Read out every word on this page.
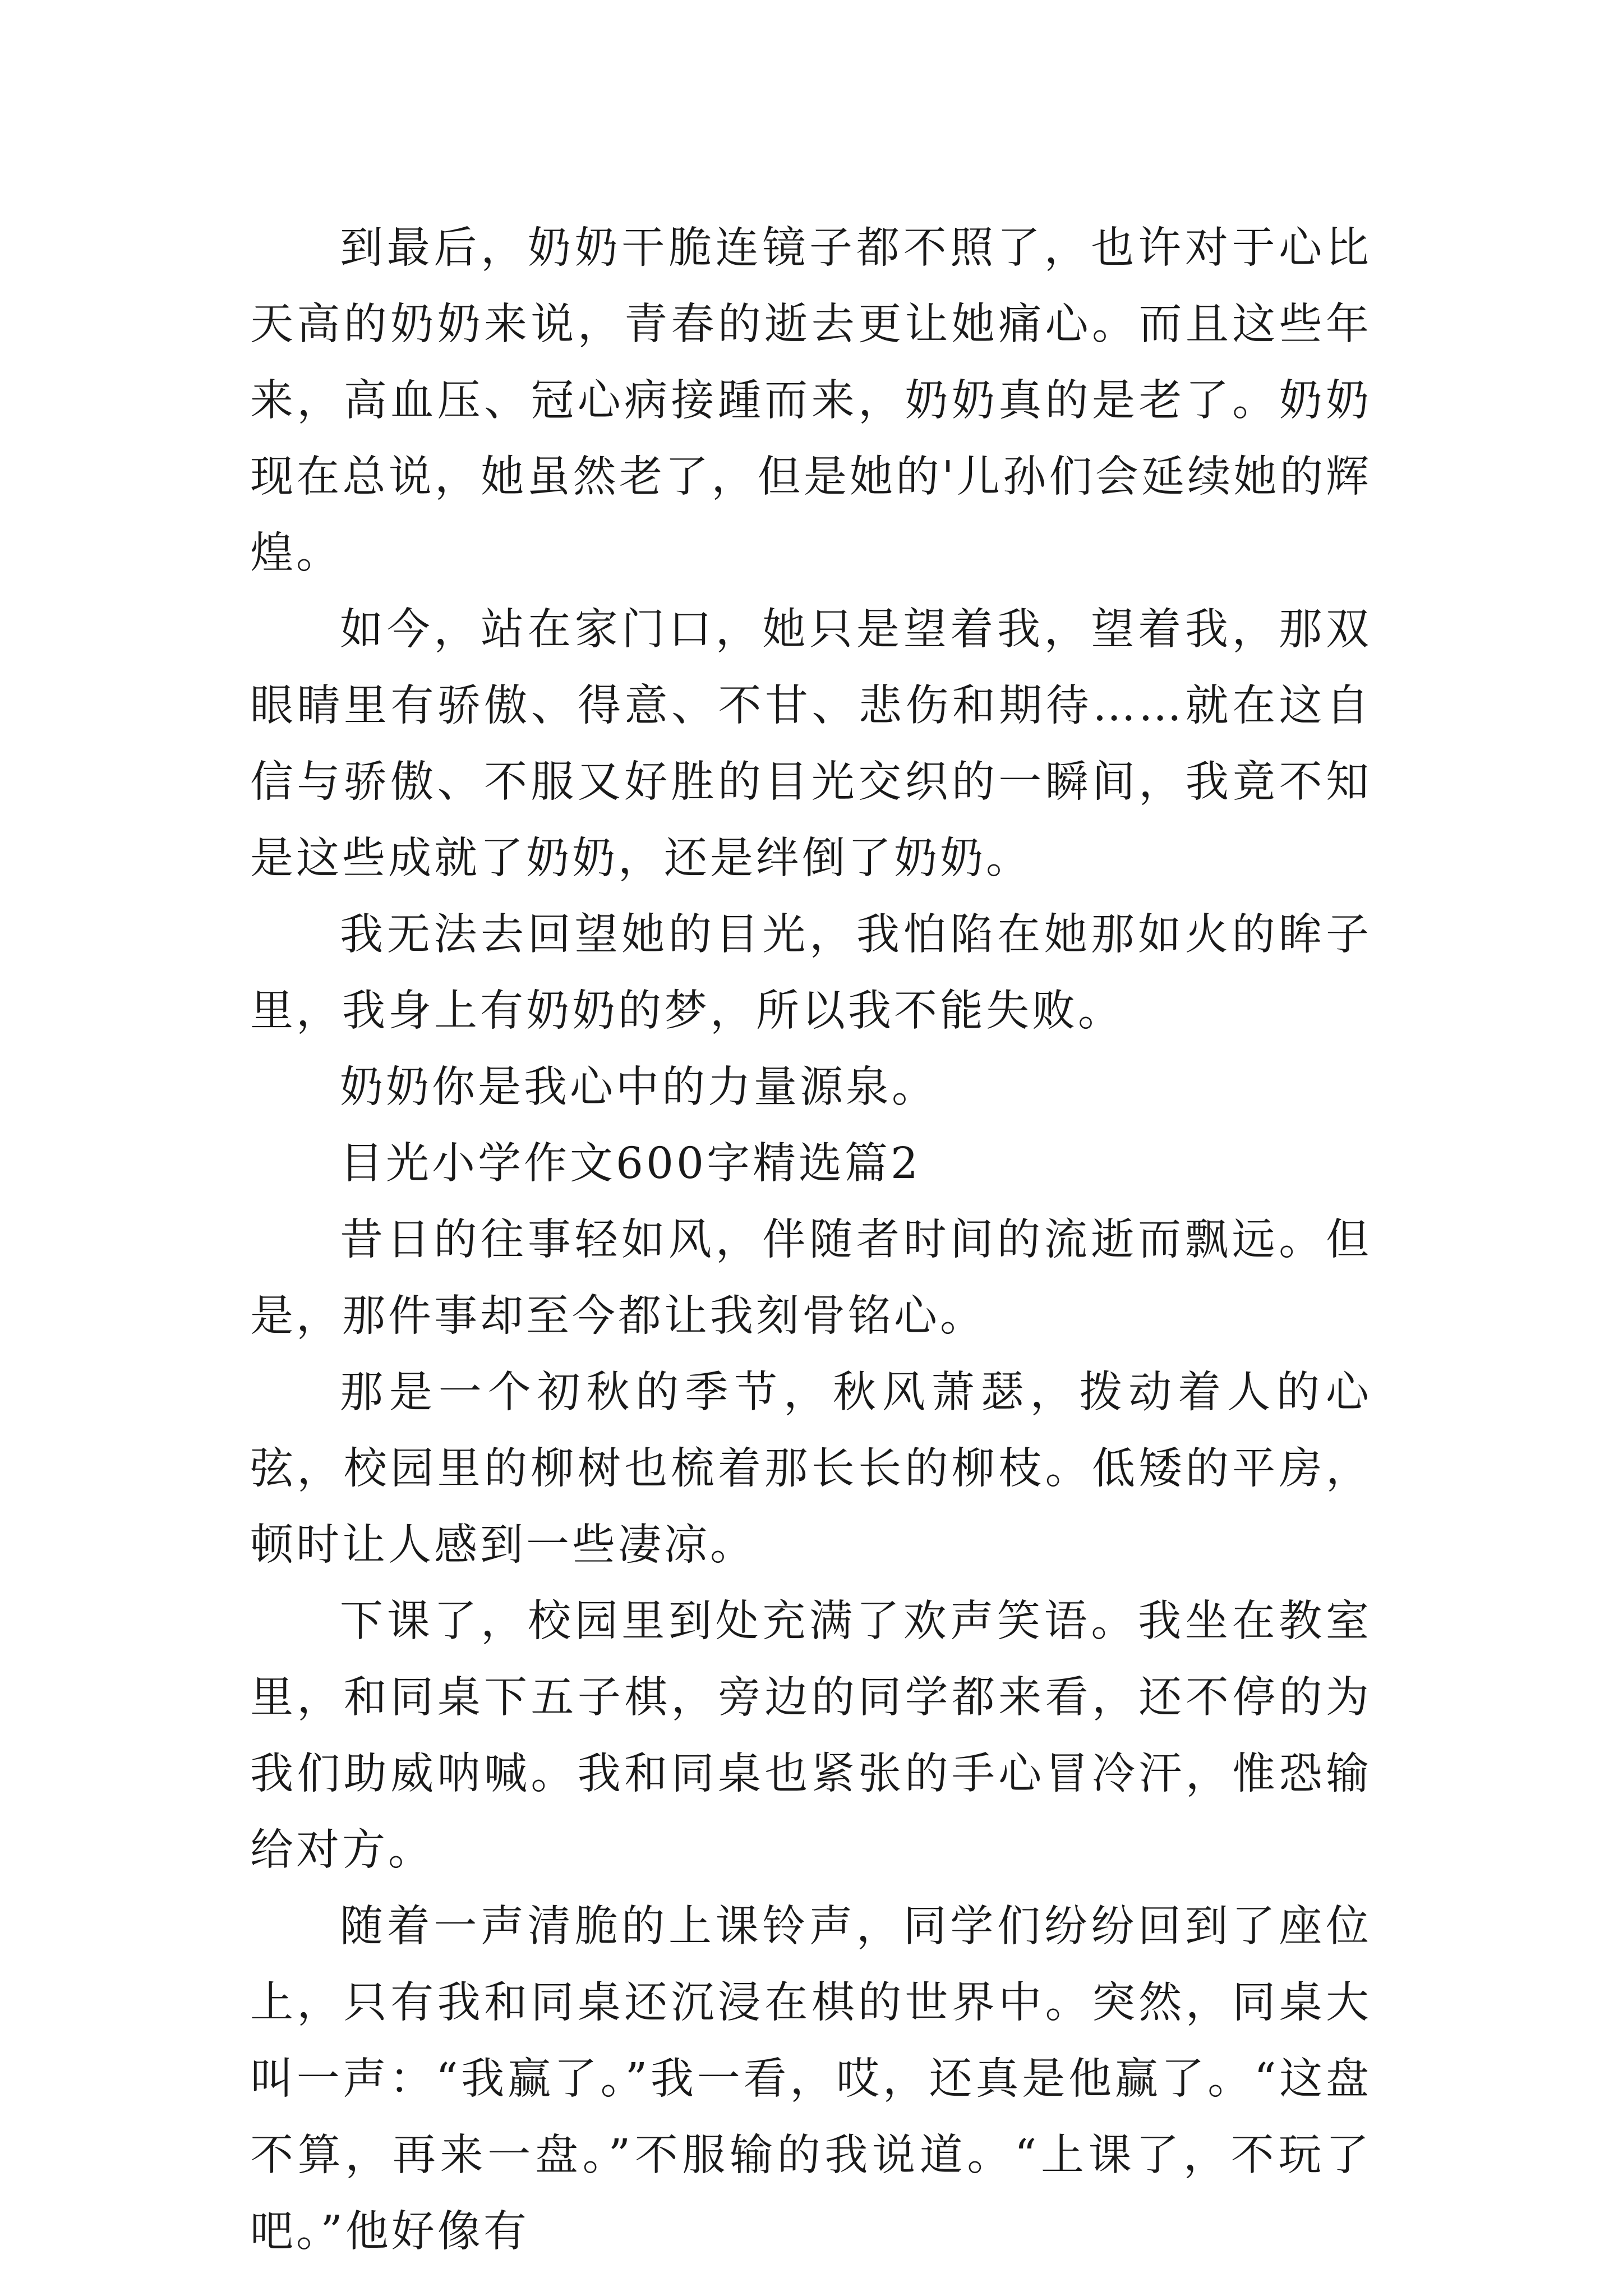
到最后，奶奶干脆连镜子都不照了，也许对于心比天高的奶奶来说，青春的逝去更让她痛心。而且这些年来，高血压、冠心病接踵而来，奶奶真的是老了。奶奶现在总说，她虽然老了，但是她的'儿孙们会延续她的辉煌。

如今，站在家门口，她只是望着我，望着我，那双眼睛里有骄傲、得意、不甘、悲伤和期待……就在这自信与骄傲、不服又好胜的目光交织的一瞬间，我竟不知是这些成就了奶奶，还是绊倒了奶奶。

我无法去回望她的目光，我怕陷在她那如火的眸子里，我身上有奶奶的梦，所以我不能失败。

奶奶你是我心中的力量源泉。

目光小学作文600字精选篇2

昔日的往事轻如风，伴随者时间的流逝而飘远。但是，那件事却至今都让我刻骨铭心。

那是一个初秋的季节，秋风萧瑟，拨动着人的心弦，校园里的柳树也梳着那长长的柳枝。低矮的平房，顿时让人感到一些凄凉。

下课了，校园里到处充满了欢声笑语。我坐在教室里，和同桌下五子棋，旁边的同学都来看，还不停的为我们助威呐喊。我和同桌也紧张的手心冒冷汗，惟恐输给对方。

随着一声清脆的上课铃声，同学们纷纷回到了座位上，只有我和同桌还沉浸在棋的世界中。突然，同桌大叫一声：“我赢了。”我一看，哎，还真是他赢了。“这盘不算，再来一盘。”不服输的我说道。“上课了，不玩了吧。”他好像有
